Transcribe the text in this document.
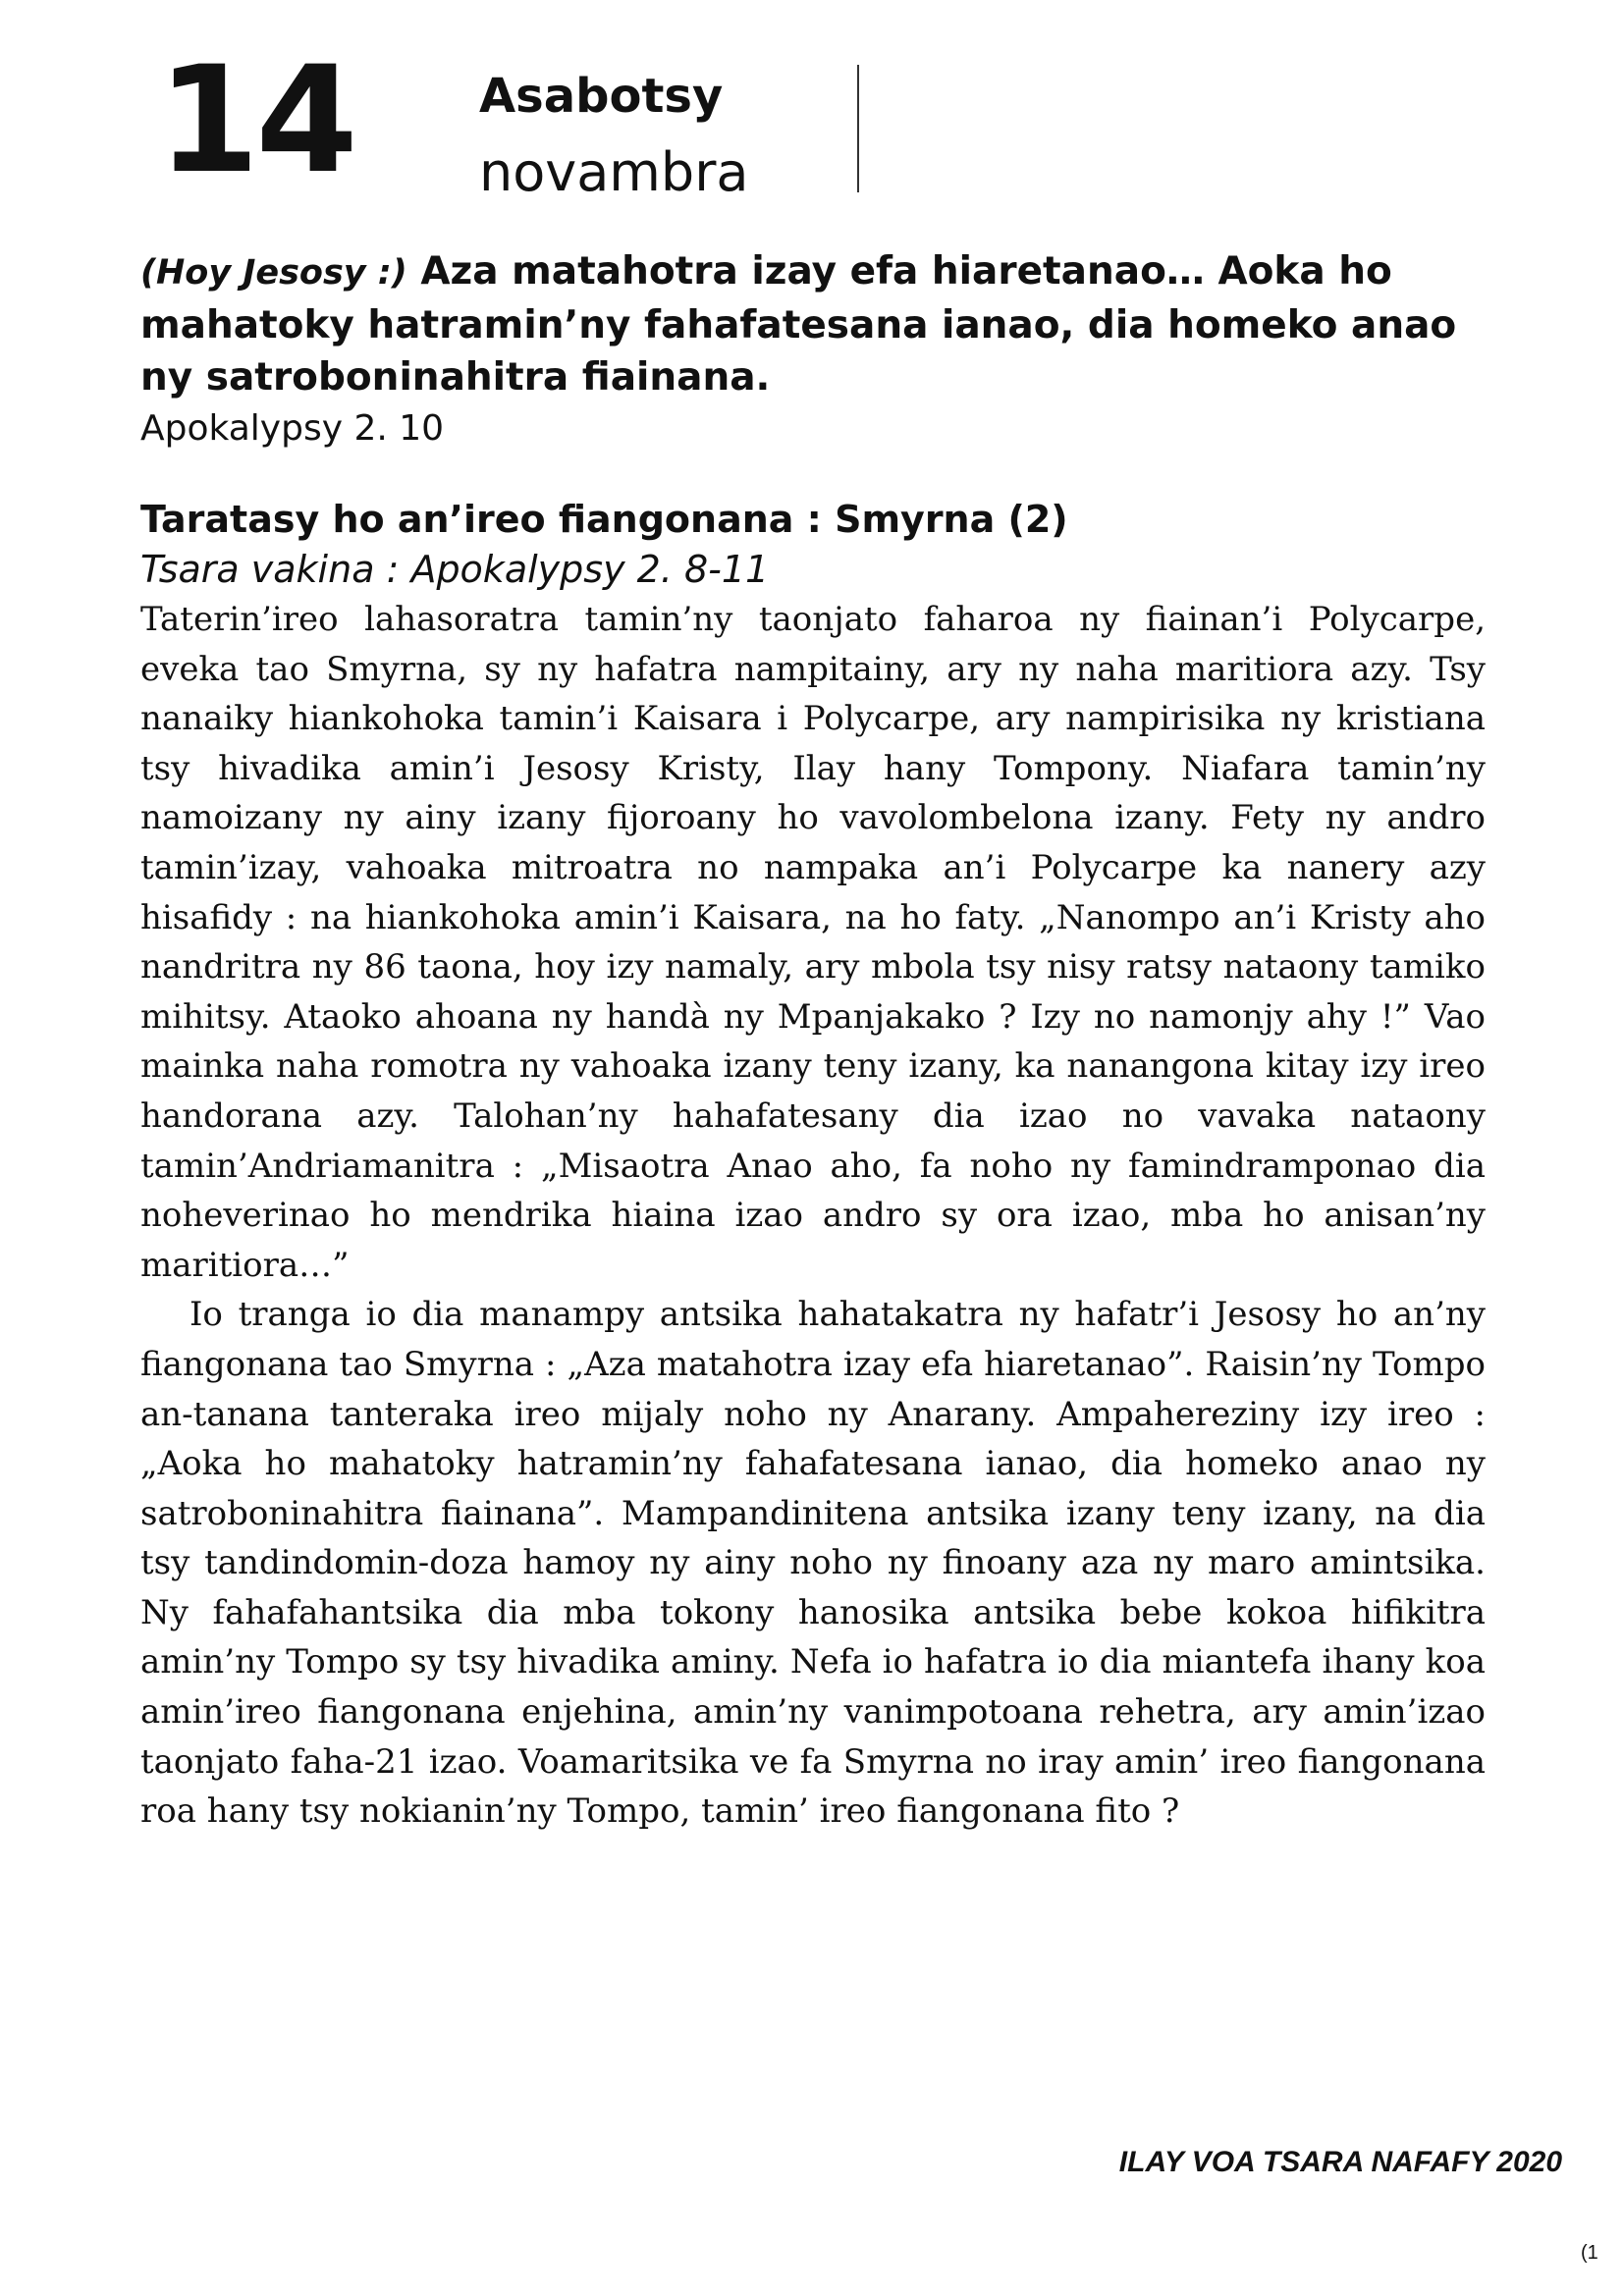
14	Asabotsy
novambra
(Hoy Jesosy :) Aza matahotra izay efa hiaretanao… Aoka ho mahatoky hatramin’ny fahafatesana ianao, dia homeko anao ny satroboninahitra fiainana.
Apokalypsy 2. 10
Taratasy ho an’ireo fiangonana : Smyrna (2)
Tsara vakina : Apokalypsy 2. 8-11

Taterin’ireo lahasoratra tamin’ny taonjato faharoa ny fiainan’i Polycarpe, eveka tao Smyrna, sy ny hafatra nampitainy, ary ny naha maritiora azy. Tsy nanaiky hiankohoka tamin’i Kaisara i Polycarpe, ary nampirisika ny kristiana tsy hivadika amin’i Jesosy Kristy, Ilay hany Tompony. Niafara tamin’ny namoizany ny ainy izany fijoroany ho vavolombelona izany. Fety ny andro tamin’izay, vahoaka mitroatra no nampaka an’i Polycarpe ka nanery azy hisafidy : na hiankohoka amin’i Kaisara, na ho faty. „Nanompo an’i Kristy aho nandritra ny 86 taona, hoy izy namaly, ary mbola tsy nisy ratsy nataony tamiko mihitsy. Ataoko ahoana ny handà ny Mpanjakako ? Izy no namonjy ahy !” Vao mainka naha romotra ny vahoaka izany teny izany, ka nanangona kitay izy ireo handorana azy. Talohan’ny hahafatesany dia izao no vavaka nataony tamin’Andriamanitra : „Misaotra Anao aho, fa noho ny famindramponao dia noheverinao ho mendrika hiaina izao andro sy ora izao, mba ho anisan’ny maritiora…”

Io tranga io dia manampy antsika hahatakatra ny hafatr’i Jesosy ho an’ny fiangonana tao Smyrna : „Aza matahotra izay efa hiaretanao”. Raisin’ny Tompo an-tanana tanteraka ireo mijaly noho ny Anarany. Ampahereziny izy ireo : „Aoka ho mahatoky hatramin’ny fahafatesana ianao, dia homeko anao ny satroboninahitra fiainana”. Mampandinitena antsika izany teny izany, na dia tsy tandindomin-doza hamoy ny ainy noho ny finoany aza ny maro amintsika. Ny fahafahantsika dia mba tokony hanosika antsika bebe kokoa hifikitra amin’ny Tompo sy tsy hivadika aminy. Nefa io hafatra io dia miantefa ihany koa amin’ireo fiangonana enjehina, amin’ny vanimpotoana rehetra, ary amin’izao taonjato faha-21 izao. Voamaritsika ve fa Smyrna no iray amin’ ireo fiangonana roa hany tsy nokianin’ny Tompo, tamin’ ireo fiangonana fito ?

ILAY VOA TSARA NAFAFY 2020
(1
